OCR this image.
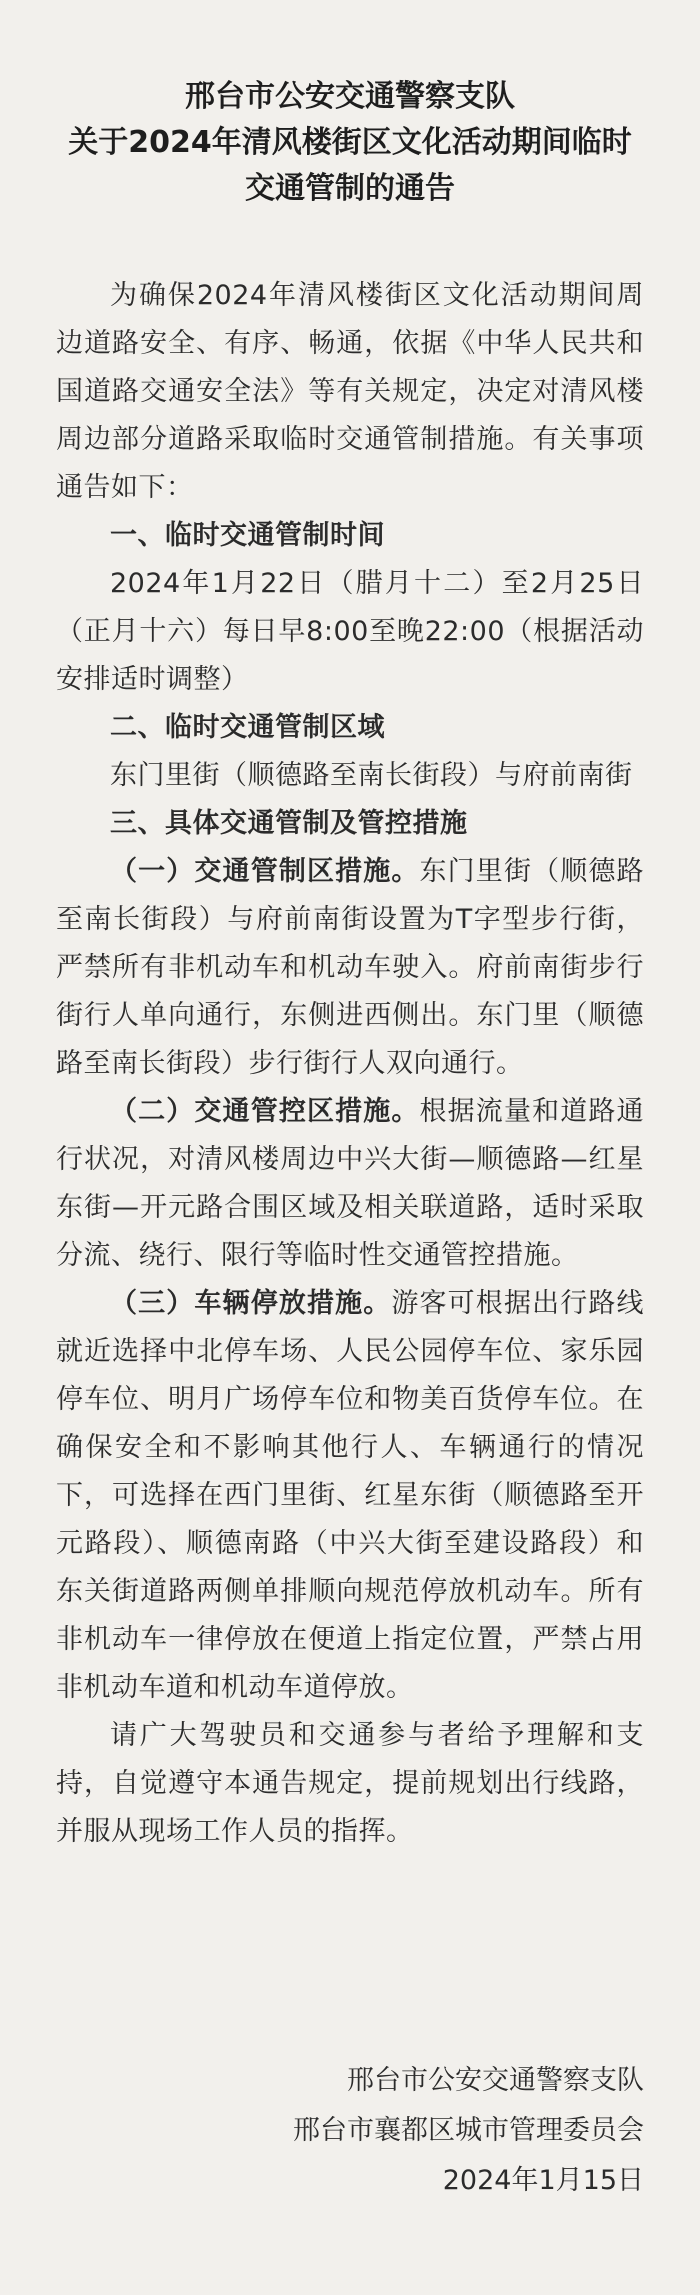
邢台市公安交通警察支队
关于2024年清风楼街区文化活动期间临时
交通管制的通告

为确保2024年清风楼街区文化活动期间周边道路安全、有序、畅通，依据《中华人民共和国道路交通安全法》等有关规定，决定对清风楼周边部分道路采取临时交通管制措施。有关事项通告如下：

一、临时交通管制时间

2024年1月22日（腊月十二）至2月25日（正月十六）每日早8:00至晚22:00（根据活动安排适时调整）

二、临时交通管制区域

东门里街（顺德路至南长街段）与府前南街

三、具体交通管制及管控措施

（一）交通管制区措施。东门里街（顺德路至南长街段）与府前南街设置为T字型步行街，严禁所有非机动车和机动车驶入。府前南街步行街行人单向通行，东侧进西侧出。东门里（顺德路至南长街段）步行街行人双向通行。

（二）交通管控区措施。根据流量和道路通行状况，对清风楼周边中兴大街—顺德路—红星东街—开元路合围区域及相关联道路，适时采取分流、绕行、限行等临时性交通管控措施。

（三）车辆停放措施。游客可根据出行路线就近选择中北停车场、人民公园停车位、家乐园停车位、明月广场停车位和物美百货停车位。在确保安全和不影响其他行人、车辆通行的情况下，可选择在西门里街、红星东街（顺德路至开元路段）、顺德南路（中兴大街至建设路段）和东关街道路两侧单排顺向规范停放机动车。所有非机动车一律停放在便道上指定位置，严禁占用非机动车道和机动车道停放。

请广大驾驶员和交通参与者给予理解和支持，自觉遵守本通告规定，提前规划出行线路，并服从现场工作人员的指挥。

邢台市公安交通警察支队
邢台市襄都区城市管理委员会
2024年1月15日
